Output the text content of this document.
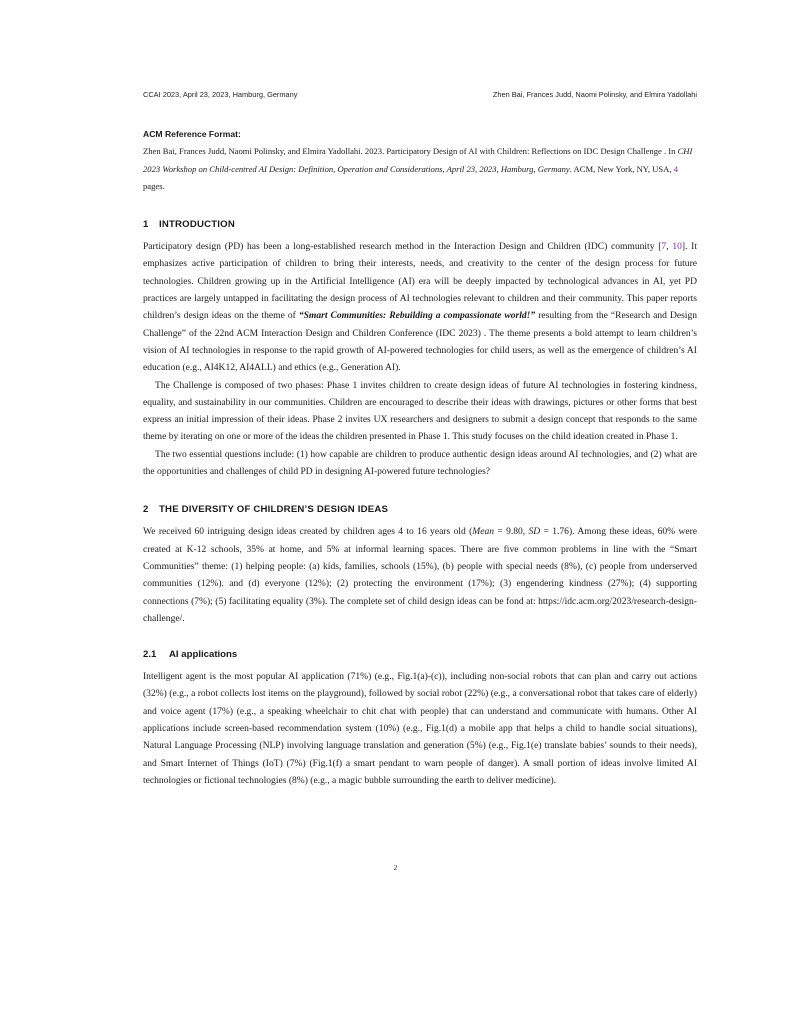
CCAI 2023, April 23, 2023, Hamburg, Germany	Zhen Bai, Frances Judd, Naomi Polinsky, and Elmira Yadollahi
ACM Reference Format:
Zhen Bai, Frances Judd, Naomi Polinsky, and Elmira Yadollahi. 2023. Participatory Design of AI with Children: Reflections on IDC Design Challenge . In CHI 2023 Workshop on Child-centred AI Design: Definition, Operation and Considerations, April 23, 2023, Hamburg, Germany. ACM, New York, NY, USA, 4 pages.
1 INTRODUCTION

Participatory design (PD) has been a long-established research method in the Interaction Design and Children (IDC) community [7, 10]. It emphasizes active participation of children to bring their interests, needs, and creativity to the center of the design process for future technologies. Children growing up in the Artificial Intelligence (AI) era will be deeply impacted by technological advances in AI, yet PD practices are largely untapped in facilitating the design process of AI technologies relevant to children and their community. This paper reports children’s design ideas on the theme of “Smart Communities: Rebuilding a compassionate world!” resulting from the “Research and Design Challenge” of the 22nd ACM Interaction Design and Children Conference (IDC 2023) . The theme presents a bold attempt to learn children’s vision of AI technologies in response to the rapid growth of AI-powered technologies for child users, as well as the emergence of children’s AI education (e.g., AI4K12, AI4ALL) and ethics (e.g., Generation AI).

The Challenge is composed of two phases: Phase 1 invites children to create design ideas of future AI technologies in fostering kindness, equality, and sustainability in our communities. Children are encouraged to describe their ideas with drawings, pictures or other forms that best express an initial impression of their ideas. Phase 2 invites UX researchers and designers to submit a design concept that responds to the same theme by iterating on one or more of the ideas the children presented in Phase 1. This study focuses on the child ideation created in Phase 1.

The two essential questions include: (1) how capable are children to produce authentic design ideas around AI technologies, and (2) what are the opportunities and challenges of child PD in designing AI-powered future technologies?

2 THE DIVERSITY OF CHILDREN’S DESIGN IDEAS

We received 60 intriguing design ideas created by children ages 4 to 16 years old (Mean = 9.80, SD = 1.76). Among these ideas, 60% were created at K-12 schools, 35% at home, and 5% at informal learning spaces. There are five common problems in line with the “Smart Communities” theme: (1) helping people: (a) kids, families, schools (15%), (b) people with special needs (8%), (c) people from underserved communities (12%). and (d) everyone (12%); (2) protecting the environment (17%); (3) engendering kindness (27%); (4) supporting connections (7%); (5) facilitating equality (3%). The complete set of child design ideas can be fond at: https://idc.acm.org/2023/research-design-challenge/.

2.1 AI applications

Intelligent agent is the most popular AI application (71%) (e.g., Fig.1(a)-(c)), including non-social robots that can plan and carry out actions (32%) (e.g., a robot collects lost items on the playground), followed by social robot (22%) (e.g., a conversational robot that takes care of elderly) and voice agent (17%) (e.g., a speaking wheelchair to chit chat with people) that can understand and communicate with humans. Other AI applications include screen-based recommendation system (10%) (e.g., Fig.1(d) a mobile app that helps a child to handle social situations), Natural Language Processing (NLP) involving language translation and generation (5%) (e.g., Fig.1(e) translate babies’ sounds to their needs), and Smart Internet of Things (IoT) (7%) (Fig.1(f) a smart pendant to warn people of danger). A small portion of ideas involve limited AI technologies or fictional technologies (8%) (e.g., a magic bubble surrounding the earth to deliver medicine).

2
